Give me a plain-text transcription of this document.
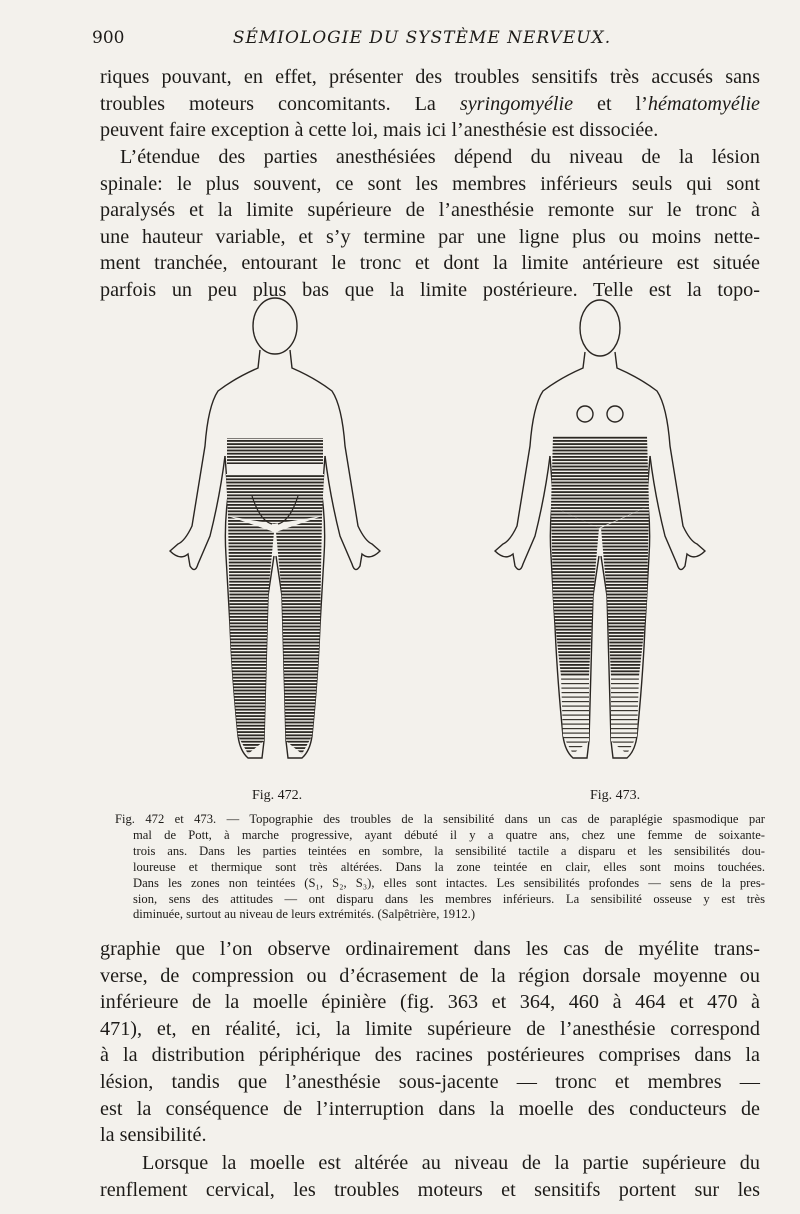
900	SÉMIOLOGIE DU SYSTÈME NERVEUX.
riques pouvant, en effet, présenter des troubles sensitifs très accusés sans
troubles moteurs concomitants. La syringomyélie et l’hématomyélie
peuvent faire exception à cette loi, mais ici l’anesthésie est dissociée.
L’étendue des parties anesthésiées dépend du niveau de la lésion
spinale: le plus souvent, ce sont les membres inférieurs seuls qui sont
paralysés et la limite supérieure de l’anesthésie remonte sur le tronc à
une hauteur variable, et s’y termine par une ligne plus ou moins nette-
ment tranchée, entourant le tronc et dont la limite antérieure est située
parfois un peu plus bas que la limite postérieure. Telle est la topo-
Fig. 472.	Fig. 473.
Fig. 472 et 473. — Topographie des troubles de la sensibilité dans un cas de paraplégie spasmodique par
mal de Pott, à marche progressive, ayant débuté il y a quatre ans, chez une femme de soixante-
trois ans. Dans les parties teintées en sombre, la sensibilité tactile a disparu et les sensibilités dou-
loureuse et thermique sont très altérées. Dans la zone teintée en clair, elles sont moins touchées.
Dans les zones non teintées (S₁, S₂, S₃), elles sont intactes. Les sensibilités profondes — sens de la pres-
sion, sens des attitudes — ont disparu dans les membres inférieurs. La sensibilité osseuse y est très
diminuée, surtout au niveau de leurs extrémités. (Salpêtrière, 1912.)
graphie que l’on observe ordinairement dans les cas de myélite trans-
verse, de compression ou d’écrasement de la région dorsale moyenne ou
inférieure de la moelle épinière (fig. 363 et 364, 460 à 464 et 470 à
471), et, en réalité, ici, la limite supérieure de l’anesthésie correspond
à la distribution périphérique des racines postérieures comprises dans la
lésion, tandis que l’anesthésie sous-jacente — tronc et membres —
est la conséquence de l’interruption dans la moelle des conducteurs de
la sensibilité.
Lorsque la moelle est altérée au niveau de la partie supérieure du
renflement cervical, les troubles moteurs et sensitifs portent sur les
